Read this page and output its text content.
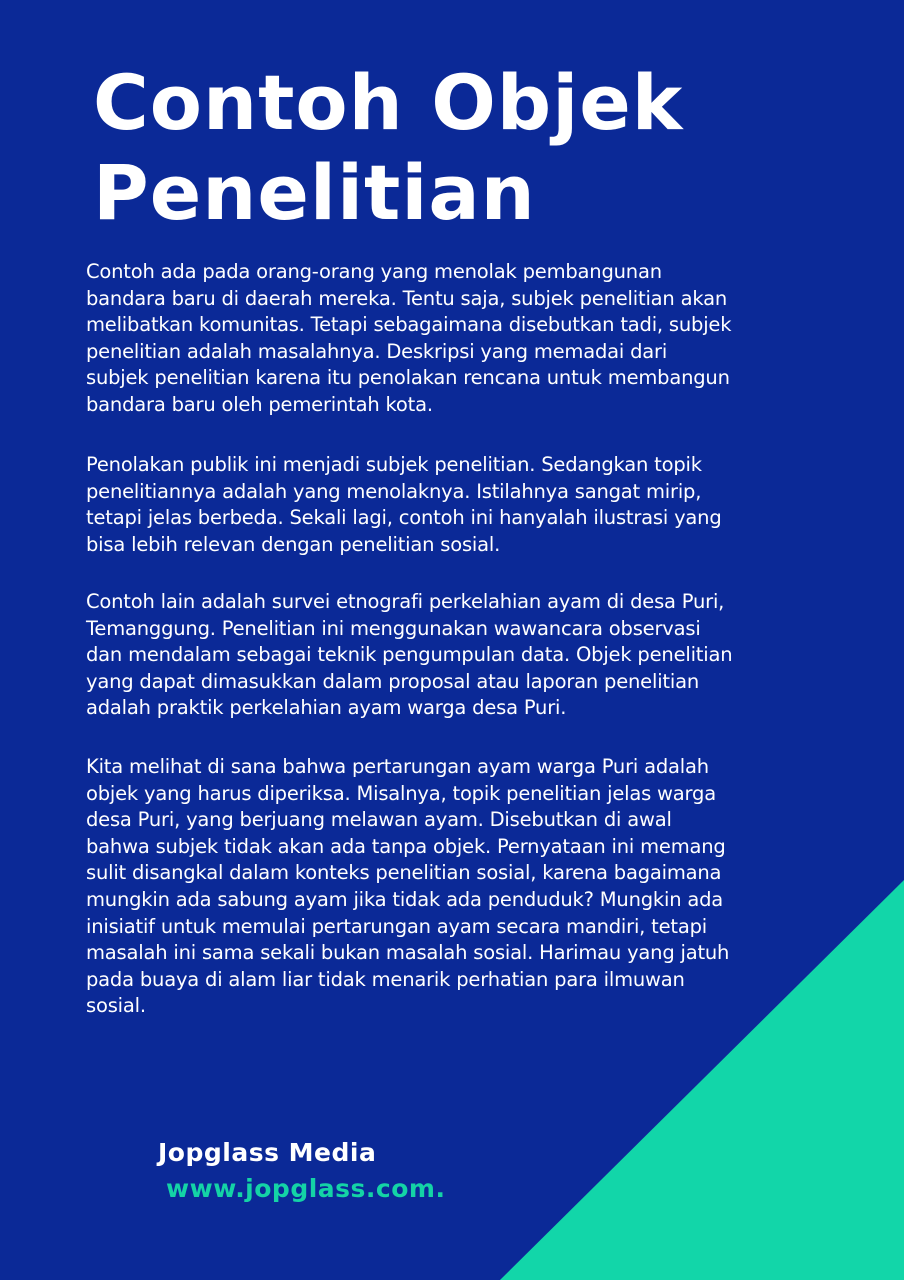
Contoh Objek
Penelitian
Contoh ada pada orang-orang yang menolak pembangunan
bandara baru di daerah mereka. Tentu saja, subjek penelitian akan
melibatkan komunitas. Tetapi sebagaimana disebutkan tadi, subjek
penelitian adalah masalahnya. Deskripsi yang memadai dari
subjek penelitian karena itu penolakan rencana untuk membangun
bandara baru oleh pemerintah kota.
Penolakan publik ini menjadi subjek penelitian. Sedangkan topik
penelitiannya adalah yang menolaknya. Istilahnya sangat mirip,
tetapi jelas berbeda. Sekali lagi, contoh ini hanyalah ilustrasi yang
bisa lebih relevan dengan penelitian sosial.
Contoh lain adalah survei etnografi perkelahian ayam di desa Puri,
Temanggung. Penelitian ini menggunakan wawancara observasi
dan mendalam sebagai teknik pengumpulan data. Objek penelitian
yang dapat dimasukkan dalam proposal atau laporan penelitian
adalah praktik perkelahian ayam warga desa Puri.
Kita melihat di sana bahwa pertarungan ayam warga Puri adalah
objek yang harus diperiksa. Misalnya, topik penelitian jelas warga
desa Puri, yang berjuang melawan ayam. Disebutkan di awal
bahwa subjek tidak akan ada tanpa objek. Pernyataan ini memang
sulit disangkal dalam konteks penelitian sosial, karena bagaimana
mungkin ada sabung ayam jika tidak ada penduduk? Mungkin ada
inisiatif untuk memulai pertarungan ayam secara mandiri, tetapi
masalah ini sama sekali bukan masalah sosial. Harimau yang jatuh
pada buaya di alam liar tidak menarik perhatian para ilmuwan
sosial.
Jopglass Media
www.jopglass.com.
